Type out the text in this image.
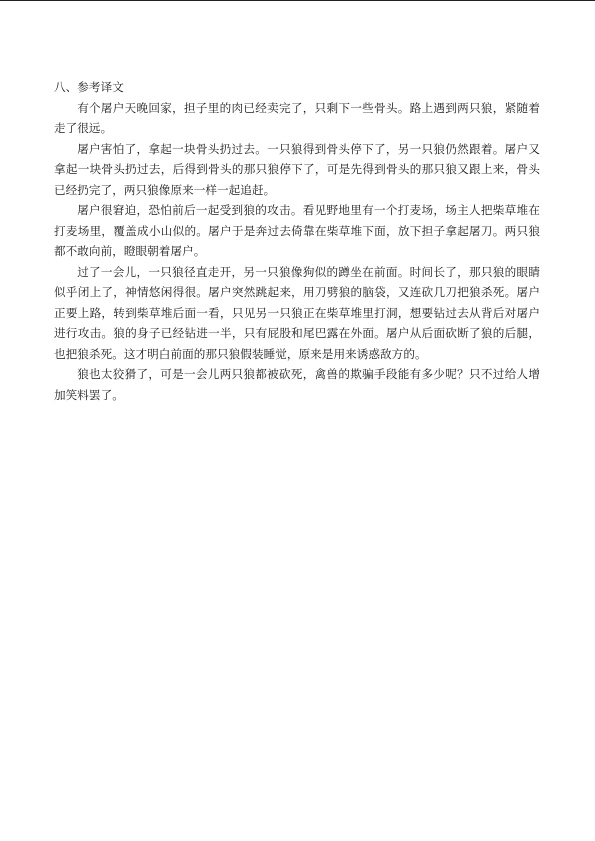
八、参考译文

有个屠户天晚回家，担子里的肉已经卖完了，只剩下一些骨头。路上遇到两只狼，紧随着走了很远。

屠户害怕了，拿起一块骨头扔过去。一只狼得到骨头停下了，另一只狼仍然跟着。屠户又拿起一块骨头扔过去，后得到骨头的那只狼停下了，可是先得到骨头的那只狼又跟上来，骨头已经扔完了，两只狼像原来一样一起追赶。

屠户很窘迫，恐怕前后一起受到狼的攻击。看见野地里有一个打麦场，场主人把柴草堆在打麦场里，覆盖成小山似的。屠户于是奔过去倚靠在柴草堆下面，放下担子拿起屠刀。两只狼都不敢向前，瞪眼朝着屠户。

过了一会儿，一只狼径直走开，另一只狼像狗似的蹲坐在前面。时间长了，那只狼的眼睛似乎闭上了，神情悠闲得很。屠户突然跳起来，用刀劈狼的脑袋，又连砍几刀把狼杀死。屠户正要上路，转到柴草堆后面一看，只见另一只狼正在柴草堆里打洞，想要钻过去从背后对屠户进行攻击。狼的身子已经钻进一半，只有屁股和尾巴露在外面。屠户从后面砍断了狼的后腿，也把狼杀死。这才明白前面的那只狼假装睡觉，原来是用来诱惑敌方的。

狼也太狡猾了，可是一会儿两只狼都被砍死，禽兽的欺骗手段能有多少呢？只不过给人增加笑料罢了。
